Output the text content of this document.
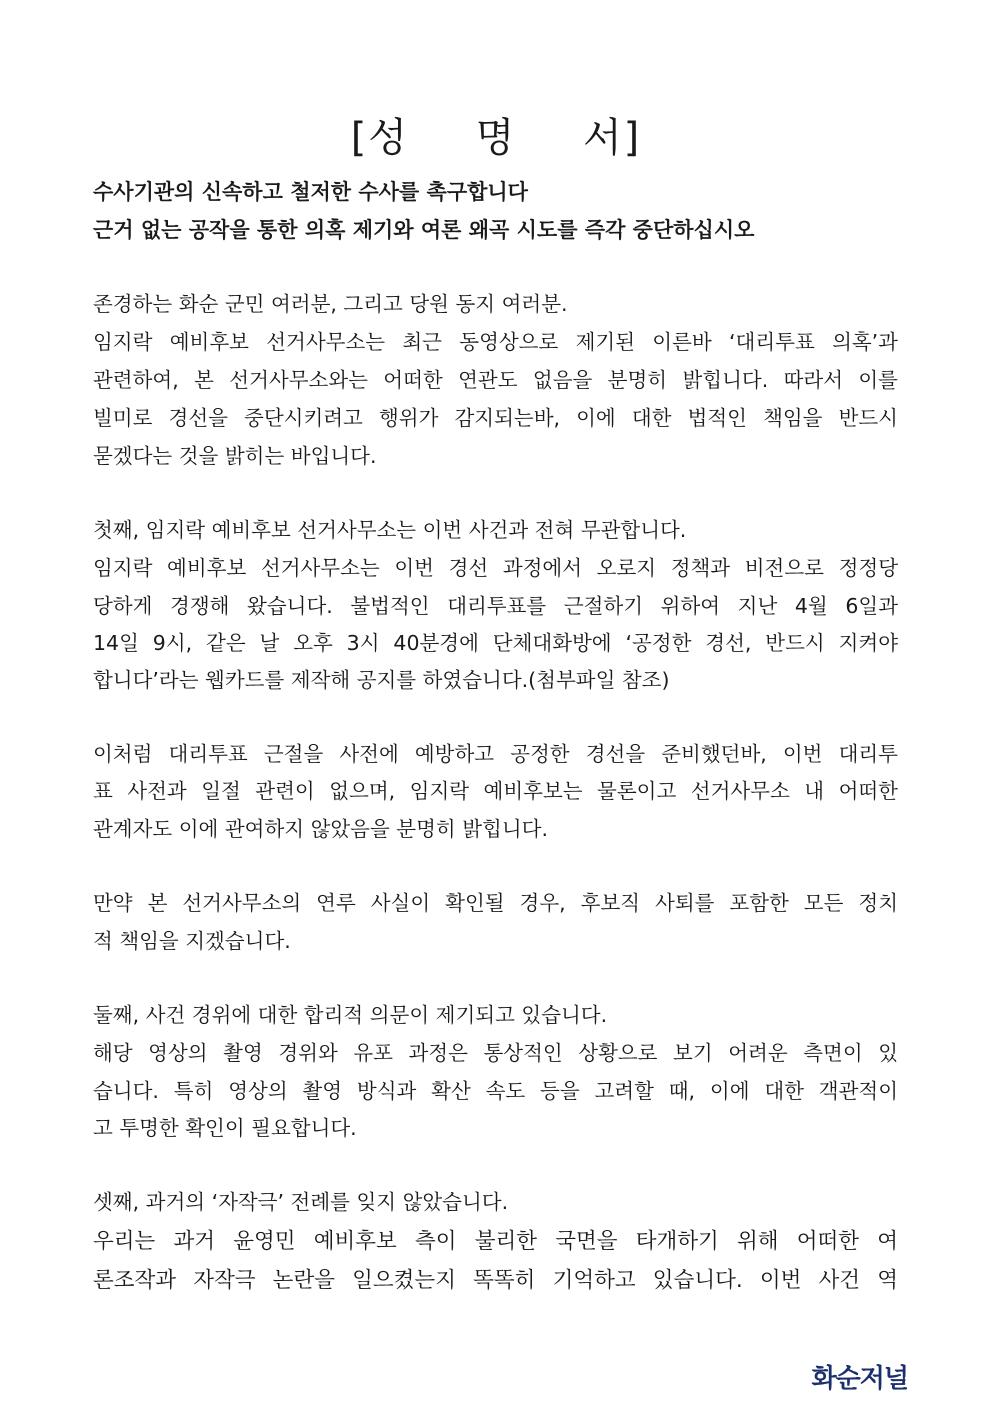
[성 명 서]
수사기관의 신속하고 철저한 수사를 촉구합니다
근거 없는 공작을 통한 의혹 제기와 여론 왜곡 시도를 즉각 중단하십시오
존경하는 화순 군민 여러분, 그리고 당원 동지 여러분.
임지락 예비후보 선거사무소는 최근 동영상으로 제기된 이른바 ‘대리투표 의혹’과
관련하여, 본 선거사무소와는 어떠한 연관도 없음을 분명히 밝힙니다. 따라서 이를
빌미로 경선을 중단시키려고 행위가 감지되는바, 이에 대한 법적인 책임을 반드시
묻겠다는 것을 밝히는 바입니다.
첫째, 임지락 예비후보 선거사무소는 이번 사건과 전혀 무관합니다.
임지락 예비후보 선거사무소는 이번 경선 과정에서 오로지 정책과 비전으로 정정당
당하게 경쟁해 왔습니다. 불법적인 대리투표를 근절하기 위하여 지난 4월 6일과
14일 9시, 같은 날 오후 3시 40분경에 단체대화방에 ‘공정한 경선, 반드시 지켜야
합니다’라는 웹카드를 제작해 공지를 하였습니다.(첨부파일 참조)
이처럼 대리투표 근절을 사전에 예방하고 공정한 경선을 준비했던바, 이번 대리투
표 사전과 일절 관련이 없으며, 임지락 예비후보는 물론이고 선거사무소 내 어떠한
관계자도 이에 관여하지 않았음을 분명히 밝힙니다.
만약 본 선거사무소의 연루 사실이 확인될 경우, 후보직 사퇴를 포함한 모든 정치
적 책임을 지겠습니다.
둘째, 사건 경위에 대한 합리적 의문이 제기되고 있습니다.
해당 영상의 촬영 경위와 유포 과정은 통상적인 상황으로 보기 어려운 측면이 있
습니다. 특히 영상의 촬영 방식과 확산 속도 등을 고려할 때, 이에 대한 객관적이
고 투명한 확인이 필요합니다.
셋째, 과거의 ‘자작극’ 전례를 잊지 않았습니다.
우리는 과거 윤영민 예비후보 측이 불리한 국면을 타개하기 위해 어떠한 여
론조작과 자작극 논란을 일으켰는지 똑똑히 기억하고 있습니다. 이번 사건 역
화순저널
